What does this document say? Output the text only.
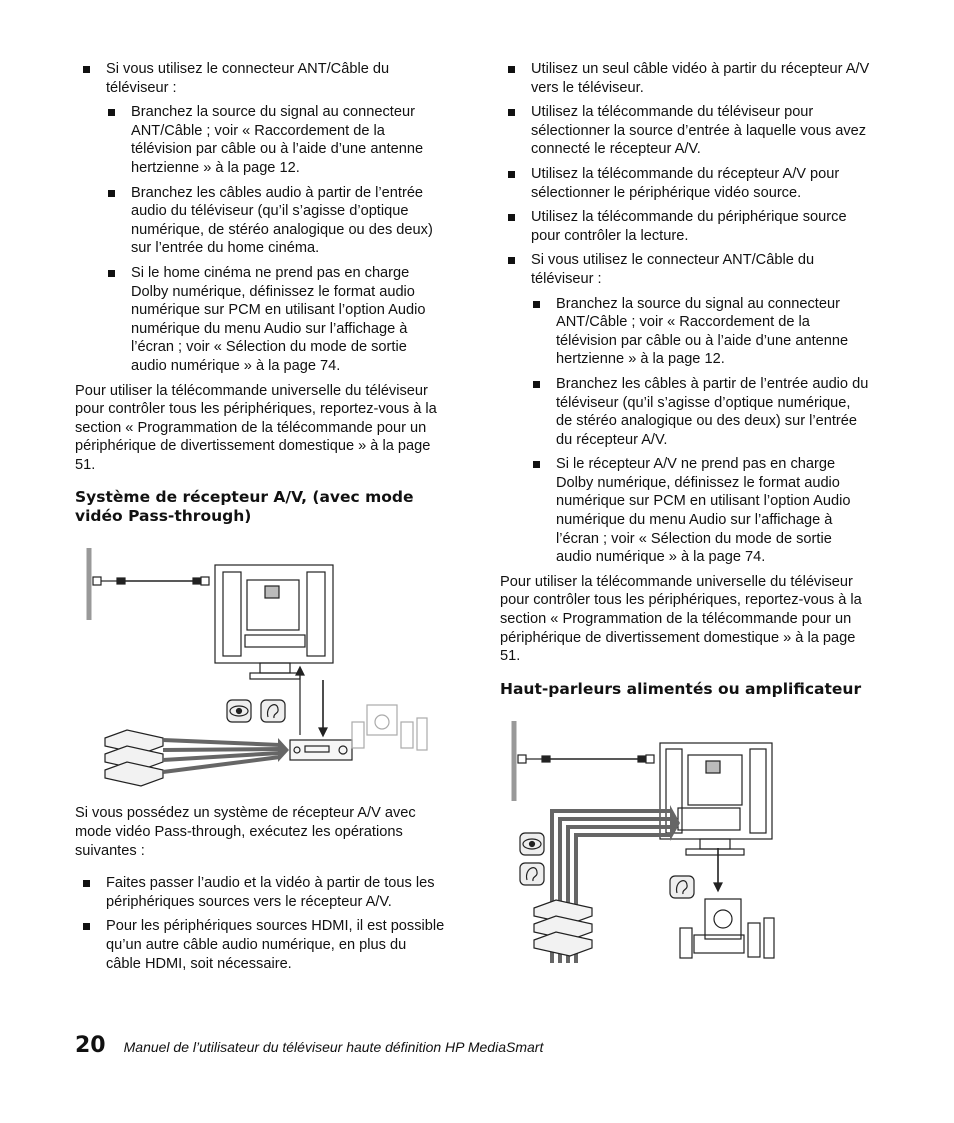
Si vous utilisez le connecteur ANT/Câble du téléviseur :
Branchez la source du signal au connecteur ANT/Câble ; voir « Raccordement de la télévision par câble ou à l’aide d’une antenne hertzienne » à la page 12.
Branchez les câbles audio à partir de l’entrée audio du téléviseur (qu’il s’agisse d’optique numérique, de stéréo analogique ou des deux) sur l’entrée du home cinéma.
Si le home cinéma ne prend pas en charge Dolby numérique, définissez le format audio numérique sur PCM en utilisant l’option Audio numérique du menu Audio sur l’affichage à l’écran ; voir « Sélection du mode de sortie audio numérique » à la page 74.

Pour utiliser la télécommande universelle du téléviseur pour contrôler tous les périphériques, reportez-vous à la section « Programmation de la télécommande pour un périphérique de divertissement domestique » à la page 51.

Système de récepteur A/V, (avec mode vidéo Pass-through)

Si vous possédez un système de récepteur A/V avec mode vidéo Pass-through, exécutez les opérations suivantes :

Faites passer l’audio et la vidéo à partir de tous les périphériques sources vers le récepteur A/V.
Pour les périphériques sources HDMI, il est possible qu’un autre câble audio numérique, en plus du câble HDMI, soit nécessaire.
Utilisez un seul câble vidéo à partir du récepteur A/V vers le téléviseur.
Utilisez la télécommande du téléviseur pour sélectionner la source d’entrée à laquelle vous avez connecté le récepteur A/V.
Utilisez la télécommande du récepteur A/V pour sélectionner le périphérique vidéo source.
Utilisez la télécommande du périphérique source pour contrôler la lecture.
Si vous utilisez le connecteur ANT/Câble du téléviseur :
Branchez la source du signal au connecteur ANT/Câble ; voir « Raccordement de la télévision par câble ou à l’aide d’une antenne hertzienne » à la page 12.
Branchez les câbles à partir de l’entrée audio du téléviseur (qu’il s’agisse d’optique numérique, de stéréo analogique ou des deux) sur l’entrée du récepteur A/V.
Si le récepteur A/V ne prend pas en charge Dolby numérique, définissez le format audio numérique sur PCM en utilisant l’option Audio numérique du menu Audio sur l’affichage à l’écran ; voir « Sélection du mode de sortie audio numérique » à la page 74.

Pour utiliser la télécommande universelle du téléviseur pour contrôler tous les périphériques, reportez-vous à la section « Programmation de la télécommande pour un périphérique de divertissement domestique » à la page 51.

Haut-parleurs alimentés ou amplificateur
20 Manuel de l’utilisateur du téléviseur haute définition HP MediaSmart
